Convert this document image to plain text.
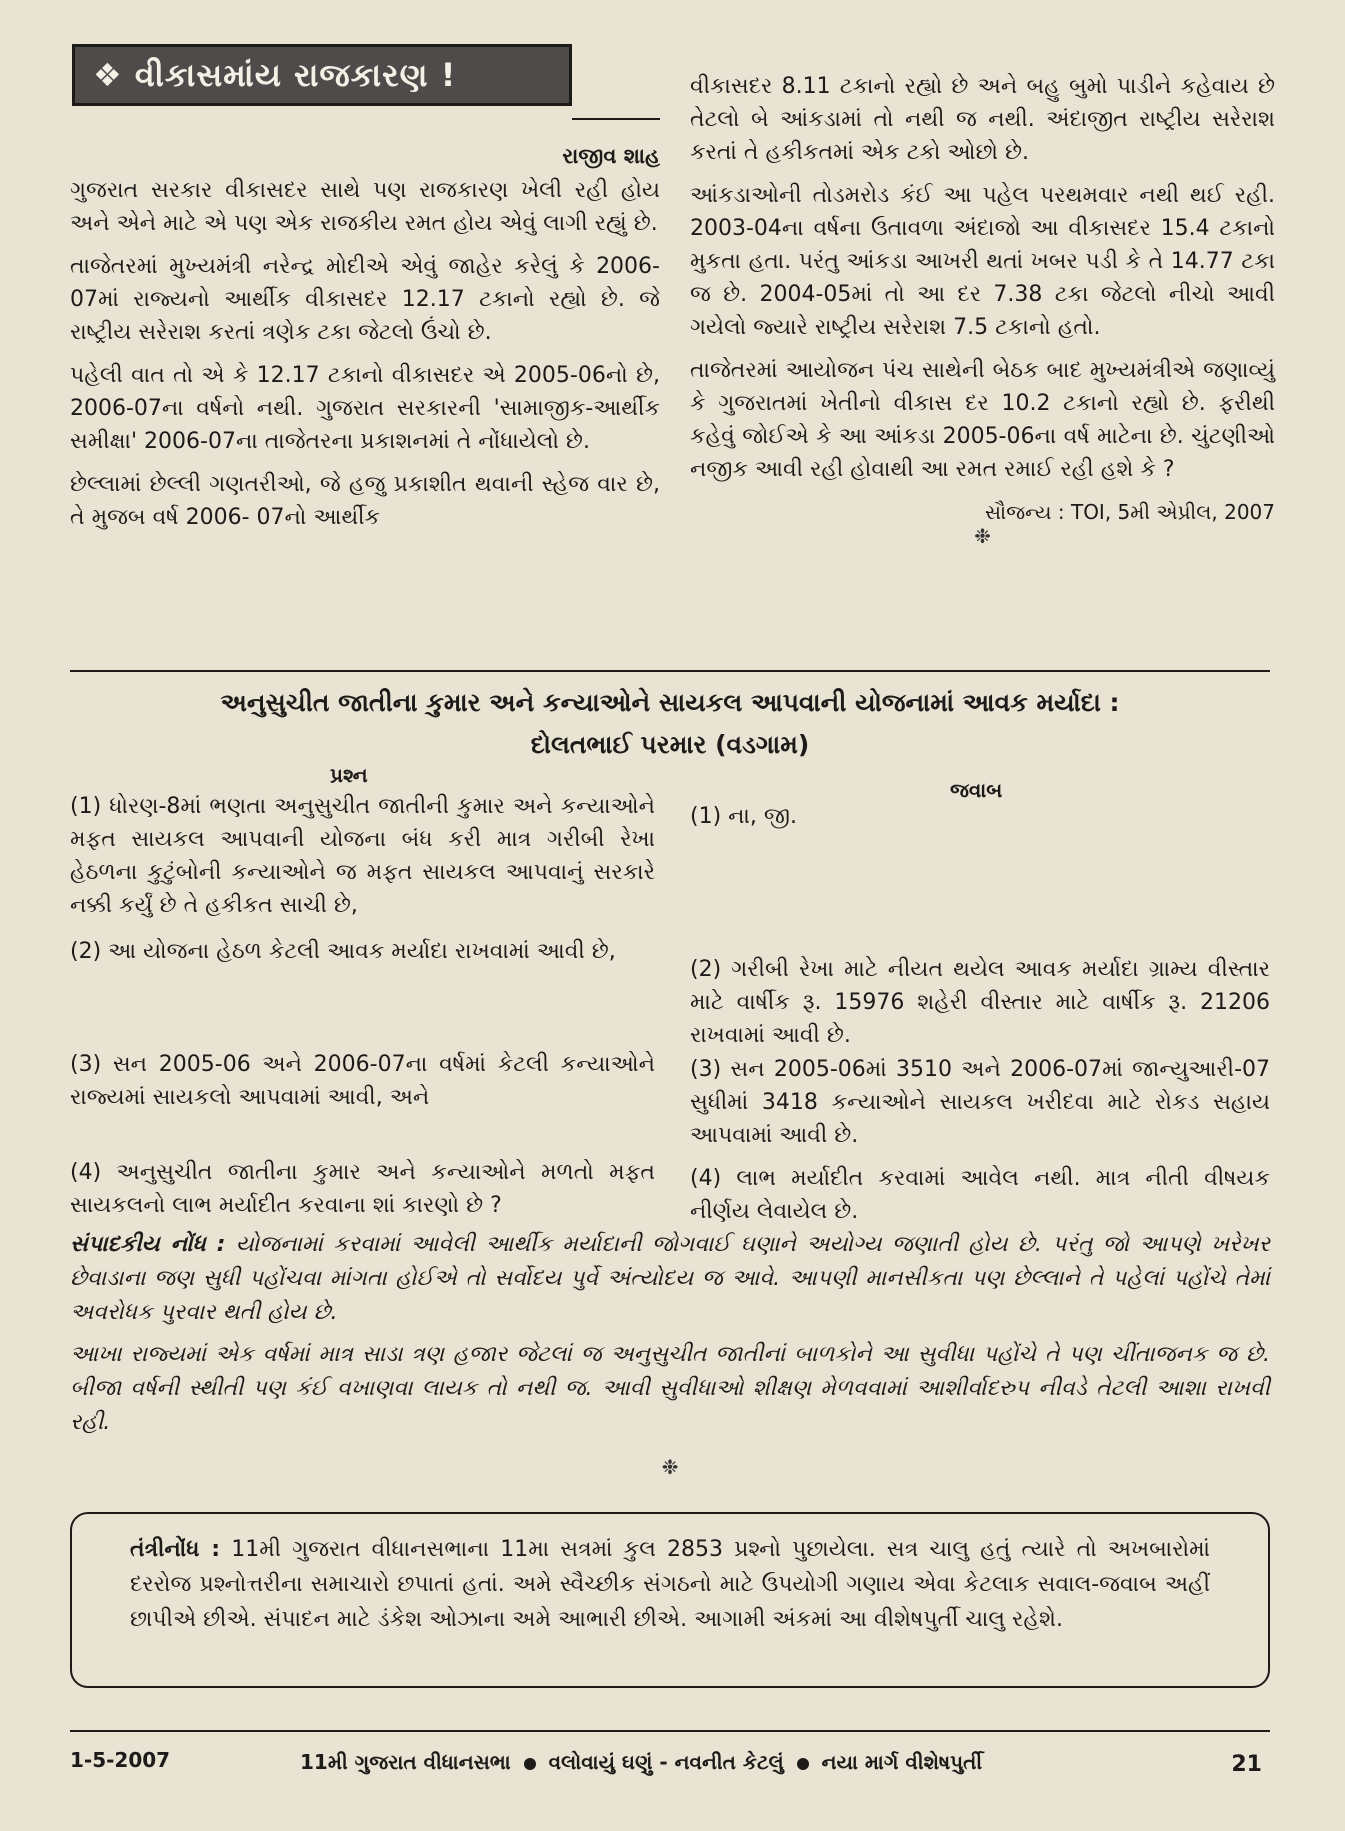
❖ વીકાસમાંય રાજકારણ !
રાજીવ શાહ

ગુજરાત સરકાર વીકાસદર સાથે પણ રાજકારણ ખેલી રહી હોય અને એને માટે એ પણ એક રાજકીય રમત હોય એવું લાગી રહ્યું છે.

તાજેતરમાં મુખ્યમંત્રી નરેન્દ્ર મોદીએ એવું જાહેર કરેલું કે 2006-07માં રાજ્યનો આર્થીક વીકાસદર 12.17 ટકાનો રહ્યો છે. જે રાષ્ટ્રીય સરેરાશ કરતાં ત્રણેક ટકા જેટલો ઉંચો છે.

પહેલી વાત તો એ કે 12.17 ટકાનો વીકાસદર એ 2005-06નો છે, 2006-07ના વર્ષનો નથી. ગુજરાત સરકારની 'સામાજીક-આર્થીક સમીક્ષા' 2006-07ના તાજેતરના પ્રકાશનમાં તે નોંધાયેલો છે.

છેલ્લામાં છેલ્લી ગણતરીઓ, જે હજુ પ્રકાશીત થવાની સ્હેજ વાર છે, તે મુજબ વર્ષ 2006- 07નો આર્થીક

વીકાસદર 8.11 ટકાનો રહ્યો છે અને બહુ બુમો પાડીને કહેવાય છે તેટલો બે આંકડામાં તો નથી જ નથી. અંદાજીત રાષ્ટ્રીય સરેરાશ કરતાં તે હકીકતમાં એક ટકો ઓછો છે.

આંકડાઓની તોડમરોડ કંઈ આ પહેલ પરથમવાર નથી થઈ રહી. 2003-04ના વર્ષના ઉતાવળા અંદાજો આ વીકાસદર 15.4 ટકાનો મુકતા હતા. પરંતુ આંકડા આખરી થતાં ખબર પડી કે તે 14.77 ટકા જ છે. 2004-05માં તો આ દર 7.38 ટકા જેટલો નીચો આવી ગયેલો જ્યારે રાષ્ટ્રીય સરેરાશ 7.5 ટકાનો હતો.

તાજેતરમાં આયોજન પંચ સાથેની બેઠક બાદ મુખ્યમંત્રીએ જણાવ્યું કે ગુજરાતમાં ખેતીનો વીકાસ દર 10.2 ટકાનો રહ્યો છે. ફરીથી કહેવું જોઈએ કે આ આંકડા 2005-06ના વર્ષ માટેના છે. ચુંટણીઓ નજીક આવી રહી હોવાથી આ રમત રમાઈ રહી હશે કે ?

સૌજન્ય : TOI, 5મી એપ્રીલ, 2007
❉
અનુસુચીત જાતીના કુમાર અને કન્યાઓને સાયકલ આપવાની યોજનામાં આવક મર્યાદા :
દોલતભાઈ પરમાર (વડગામ)
પ્રશ્ન
જવાબ
(1) ધોરણ-8માં ભણતા અનુસુચીત જાતીની કુમાર અને કન્યાઓને મફત સાયકલ આપવાની યોજના બંધ કરી માત્ર ગરીબી રેખા હેઠળના કુટુંબોની કન્યાઓને જ મફત સાયકલ આપવાનું સરકારે નક્કી કર્યું છે તે હકીકત સાચી છે,
(1) ના, જી.
(2) આ યોજના હેઠળ કેટલી આવક મર્યાદા રાખવામાં આવી છે,
(2) ગરીબી રેખા માટે નીયત થયેલ આવક મર્યાદા ગ્રામ્ય વીસ્તાર માટે વાર્ષીક રૂ. 15976 શહેરી વીસ્તાર માટે વાર્ષીક રૂ. 21206 રાખવામાં આવી છે.
(3) સન 2005-06 અને 2006-07ના વર્ષમાં કેટલી કન્યાઓને રાજ્યમાં સાયકલો આપવામાં આવી, અને
(3) સન 2005-06માં 3510 અને 2006-07માં જાન્યુઆરી-07 સુધીમાં 3418 કન્યાઓને સાયકલ ખરીદવા માટે રોકડ સહાય આપવામાં આવી છે.
(4) અનુસુચીત જાતીના કુમાર અને કન્યાઓને મળતો મફત સાયકલનો લાભ મર્યાદીત કરવાના શાં કારણો છે ?
(4) લાભ મર્યાદીત કરવામાં આવેલ નથી. માત્ર નીતી વીષયક નીર્ણય લેવાયેલ છે.
સંપાદકીય નોંધ : યોજનામાં કરવામાં આવેલી આર્થીક મર્યાદાની જોગવાઈ ઘણાને અયોગ્ય જણાતી હોય છે. પરંતુ જો આપણે ખરેખર છેવાડાના જણ સુધી પહોંચવા માંગતા હોઈએ તો સર્વોદય પુર્વે અંત્યોદય જ આવે. આપણી માનસીકતા પણ છેલ્લાને તે પહેલાં પહોંચે તેમાં અવરોધક પુરવાર થતી હોય છે.
આખા રાજ્યમાં એક વર્ષમાં માત્ર સાડા ત્રણ હજાર જેટલાં જ અનુસુચીત જાતીનાં બાળકોને આ સુવીધા પહોંચે તે પણ ચીંતાજનક જ છે. બીજા વર્ષની સ્થીતી પણ કંઈ વખાણવા લાયક તો નથી જ. આવી સુવીધાઓ શીક્ષણ મેળવવામાં આશીર્વાદરુપ નીવડે તેટલી આશા રાખવી રહી.
❉
તંત્રીનોંધ : 11મી ગુજરાત વીધાનસભાના 11મા સત્રમાં કુલ 2853 પ્રશ્નો પુછાયેલા. સત્ર ચાલુ હતું ત્યારે તો અખબારોમાં દરરોજ પ્રશ્નોત્તરીના સમાચારો છપાતાં હતાં. અમે સ્વૈચ્છીક સંગઠનો માટે ઉપયોગી ગણાય એવા કેટલાક સવાલ-જવાબ અહીં છાપીએ છીએ. સંપાદન માટે ડંકેશ ઓઝાના અમે આભારી છીએ. આગામી અંકમાં આ વીશેષપુર્તી ચાલુ રહેશે.
1-5-2007	11મી ગુજરાત વીધાનસભા વલોવાયું ઘણું - નવનીત કેટલું નયા માર્ગ વીશેષપુર્તી	21
